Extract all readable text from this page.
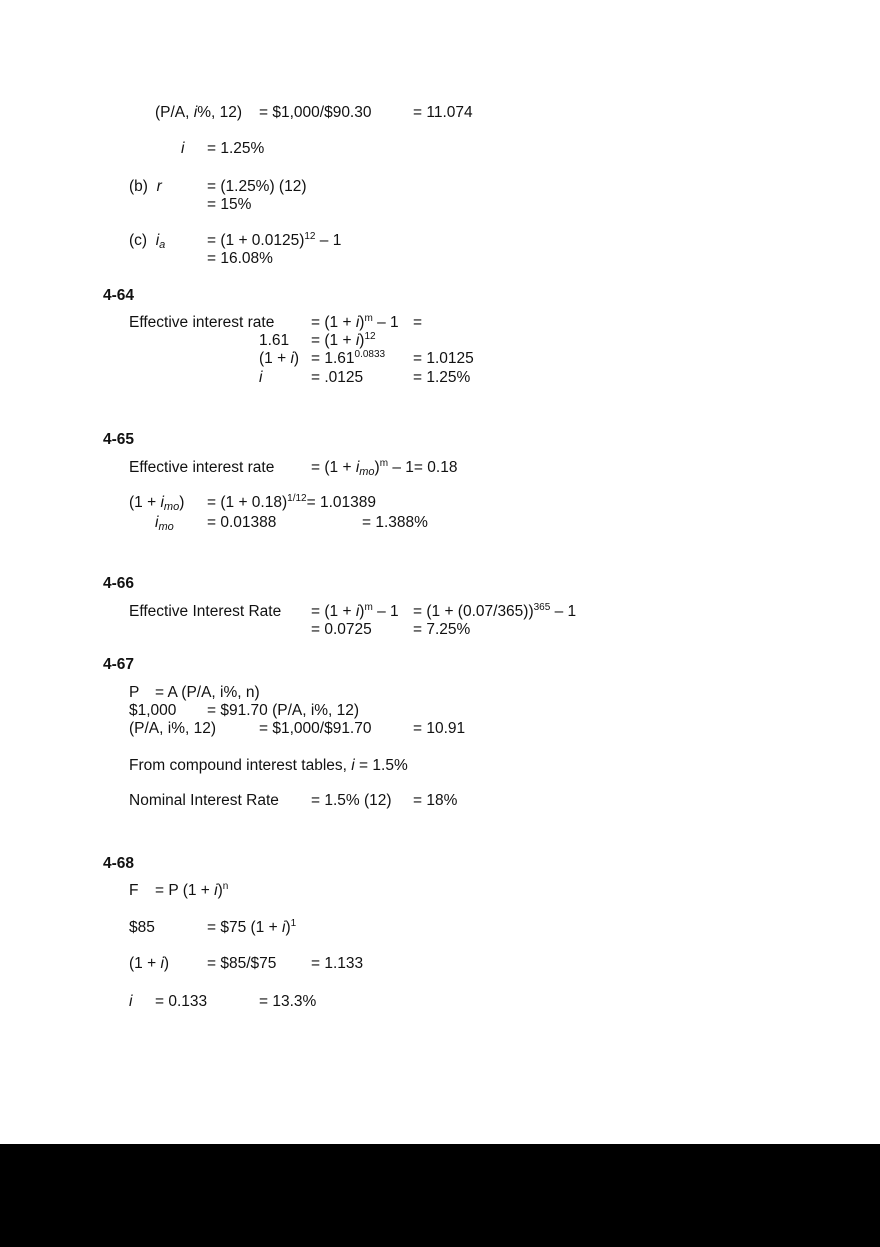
(P/A, i%, 12) = $1,000/$90.30	= 11.074
i = 1.25%
(b) r	= (1.25%) (12)
= 15%
(c) $i_a$	= $(1 + 0.0125)^{12} - 1$
= 16.08%
4-64
Effective interest rate = $(1 + i)^m - 1$ =
$1.61 = (1 + i)^{12}$
$(1 + i) = 1.61^{0.0833} = 1.0125$
i	= .0125	= 1.25%
4-65
Effective interest rate = $(1 + i_{mo})^m - 1= 0.18$
$(1 + i_{mo}) = (1 + 0.18)^{1/12}= 1.01389$
$i_{mo} = 0.01388$	= 1.388%
4-66
Effective Interest Rate = $(1 + i)^m - 1 = (1 + (0.07/365))^{365} - 1$
= 0.0725	= 7.25%
4-67
P = A (P/A, i%, n)
$1,000 = $91.70 (P/A, i%, 12)
(P/A, i%, 12)	= $1,000/$91.70	= 10.91
From compound interest tables, i = 1.5%
Nominal Interest Rate = 1.5% (12) = 18%
4-68
F = P $(1 + i)^n$
$85	= $75 $(1 + i)^1$
(1 + i) = $85/$75 = 1.133
i = 0.133	= 13.3%
